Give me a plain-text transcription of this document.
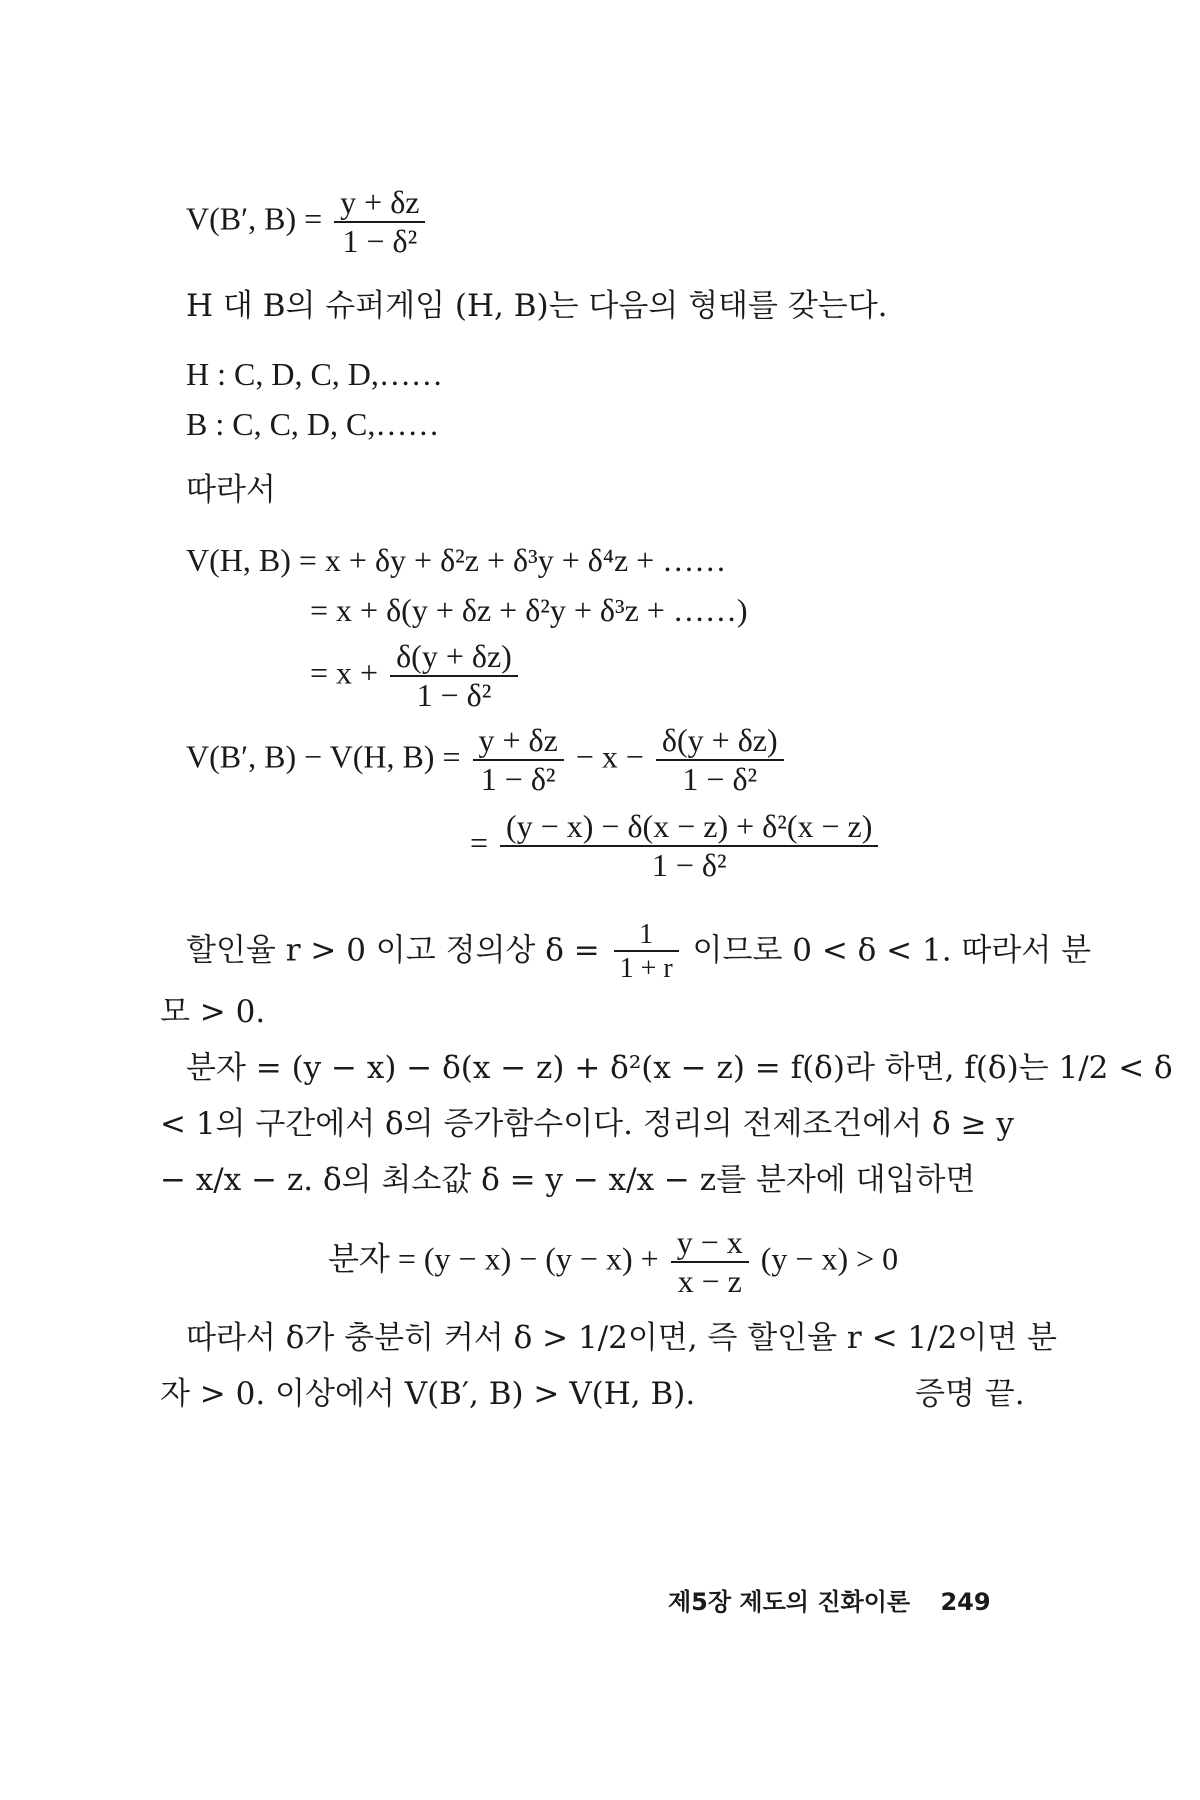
V(B′, $B) = \frac{y + \delta z}{\text{1 − δ²}}$
H 대 B의 슈퍼게임 (H, B)는 다음의 형태를 갖는다.
H : C, D, C, D,……
B : C, C, D, C,……
따라서
V(H, B) = x + δy + δ²z + δ³y + δ⁴z + ……
= x + δ(y + δz + δ²y + δ³z + ……)
= $x + \frac{\delta(y + \delta z)}{\text{1 − δ²}}$
V(B′, B) − V(H, $B) = \frac{y + \delta z}{\text{1 − δ²}} - x - \frac{\delta(y + \delta z)}{\text{1 − δ²}}$
= $\frac{\text{(y − x) − δ(x − z) + δ²(x − z)}}{\text{1 − δ²}}$
할인율 r > 0 이고 정의상 $\delta = \frac{1}{1 + r}$ 이므로 0 < δ < 1. 따라서 분
모 > 0.
분자 = (y − x) − δ(x − z) + δ²(x − z) = f(δ)라 하면, f(δ)는 1/2 < δ
< 1의 구간에서 δ의 증가함수이다. 정리의 전제조건에서 δ ≥ y
− x/x − z. δ의 최소값 δ = y − x/x − z를 분자에 대입하면
분자 = $(y - x) - (y - x) + \frac{y - x}{x - z} (y - x) > 0$
따라서 δ가 충분히 커서 δ > 1/2이면, 즉 할인율 r < 1/2이면 분
자 > 0. 이상에서 V(B′, B) > V(H, B).	증명 끝.
제5장 제도의 진화이론 249
